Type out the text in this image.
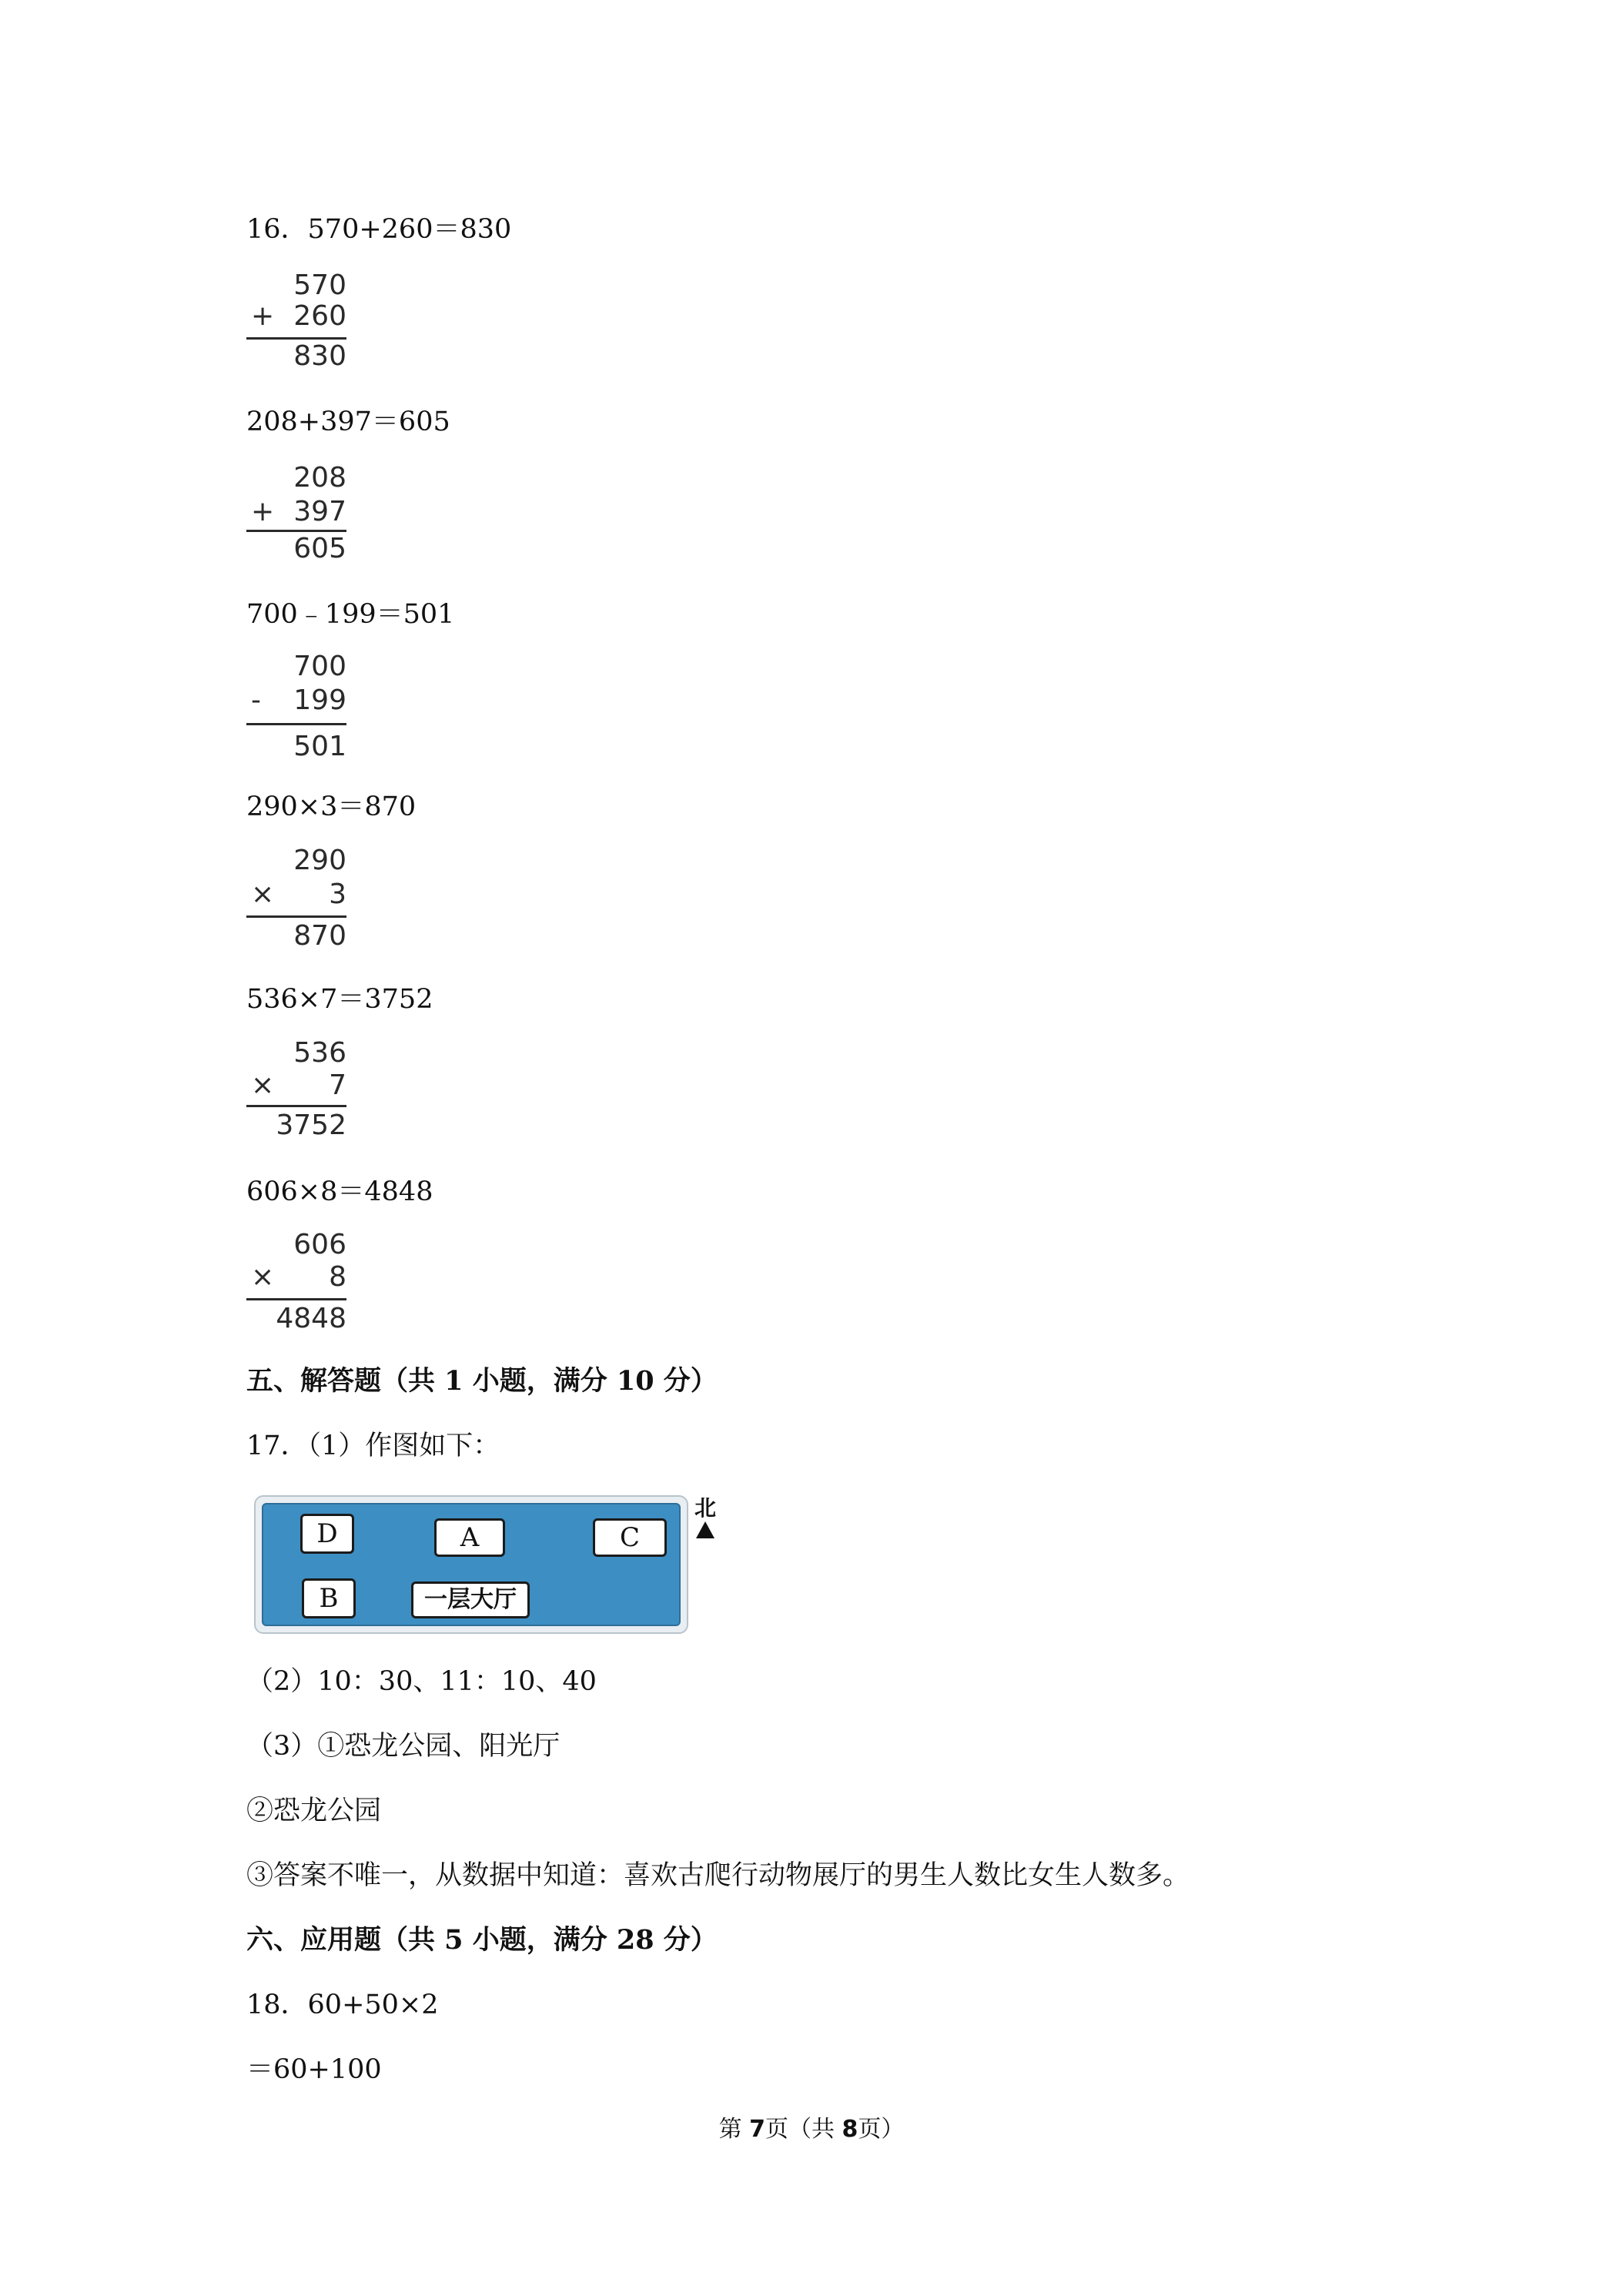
16．570+260＝830
570
+ 260
830
208+397＝605
208
+ 397
605
700﹣199＝501
700
- 199
501
290×3＝870
290
× 3
870
536×7＝3752
536
× 7
3752
606×8＝4848
606
× 8
4848
五、解答题（共 1 小题，满分 10 分）
17．（1）作图如下：
D	A	C
B	一层大厅
北
（2）10：30、11：10、40
（3）①恐龙公园、阳光厅
②恐龙公园
③答案不唯一，从数据中知道：喜欢古爬行动物展厅的男生人数比女生人数多。
六、应用题（共 5 小题，满分 28 分）
18．60+50×2
＝60+100
第 7页（共 8页）
